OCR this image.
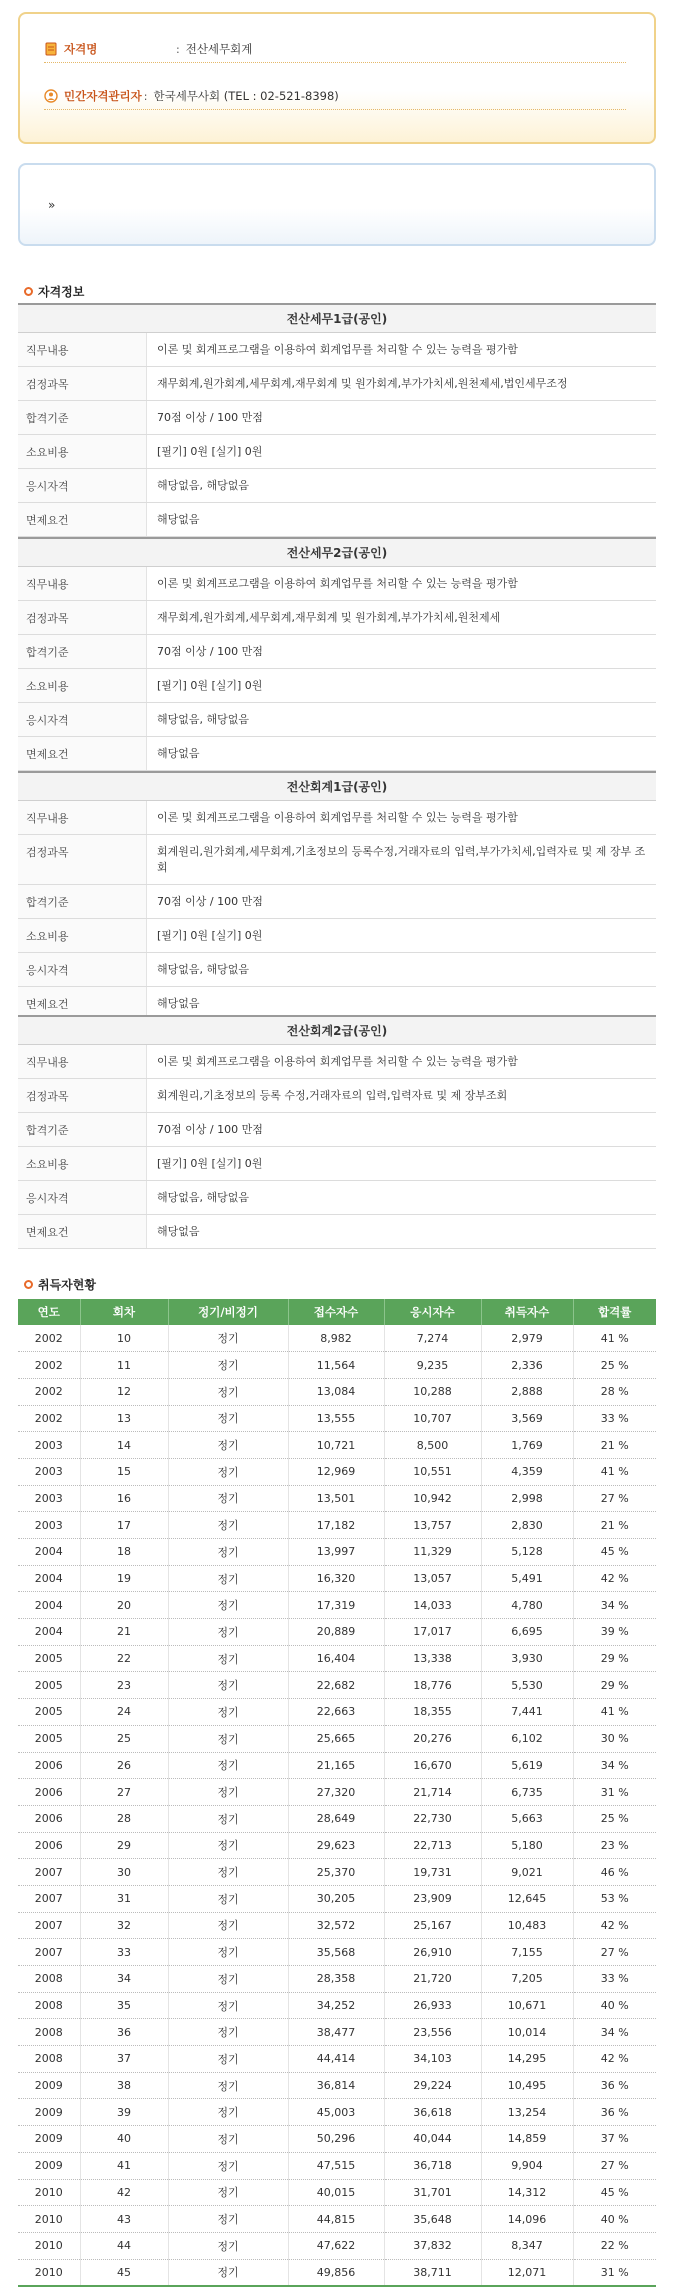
자격명	: 전산세무회계
민간자격관리자 : 한국세무사회 (TEL : 02-521-8398)
»
자격정보
전산세무1급(공인)
직무내용	이론 및 회계프로그램을 이용하여 회계업무를 처리할 수 있는 능력을 평가함
검정과목	재무회계,원가회계,세무회계,재무회계 및 원가회계,부가가치세,원천제세,법인세무조정
합격기준	70점 이상 / 100 만점
소요비용	[필기] 0원 [실기] 0원
응시자격	해당없음, 해당없음
면제요건	해당없음
전산세무2급(공인)
직무내용	이론 및 회계프로그램을 이용하여 회계업무를 처리할 수 있는 능력을 평가함
검정과목	재무회계,원가회계,세무회계,재무회계 및 원가회계,부가가치세,원천제세
합격기준	70점 이상 / 100 만점
소요비용	[필기] 0원 [실기] 0원
응시자격	해당없음, 해당없음
면제요건	해당없음
전산회계1급(공인)
직무내용	이론 및 회계프로그램을 이용하여 회계업무를 처리할 수 있는 능력을 평가함
검정과목	회계원리,원가회계,세무회계,기초정보의 등록수정,거래자료의 입력,부가가치세,입력자료 및 제 장부 조회
합격기준	70점 이상 / 100 만점
소요비용	[필기] 0원 [실기] 0원
응시자격	해당없음, 해당없음
면제요건	해당없음
전산회계2급(공인)
직무내용	이론 및 회계프로그램을 이용하여 회계업무를 처리할 수 있는 능력을 평가함
검정과목	회계원리,기초정보의 등록 수정,거래자료의 입력,입력자료 및 제 장부조회
합격기준	70점 이상 / 100 만점
소요비용	[필기] 0원 [실기] 0원
응시자격	해당없음, 해당없음
면제요건	해당없음
취득자현황
연도	회차	정기/비정기	접수자수	응시자수	취득자수	합격률
2002	10	정기	8,982	7,274	2,979	41 %
2002	11	정기	11,564	9,235	2,336	25 %
2002	12	정기	13,084	10,288	2,888	28 %
2002	13	정기	13,555	10,707	3,569	33 %
2003	14	정기	10,721	8,500	1,769	21 %
2003	15	정기	12,969	10,551	4,359	41 %
2003	16	정기	13,501	10,942	2,998	27 %
2003	17	정기	17,182	13,757	2,830	21 %
2004	18	정기	13,997	11,329	5,128	45 %
2004	19	정기	16,320	13,057	5,491	42 %
2004	20	정기	17,319	14,033	4,780	34 %
2004	21	정기	20,889	17,017	6,695	39 %
2005	22	정기	16,404	13,338	3,930	29 %
2005	23	정기	22,682	18,776	5,530	29 %
2005	24	정기	22,663	18,355	7,441	41 %
2005	25	정기	25,665	20,276	6,102	30 %
2006	26	정기	21,165	16,670	5,619	34 %
2006	27	정기	27,320	21,714	6,735	31 %
2006	28	정기	28,649	22,730	5,663	25 %
2006	29	정기	29,623	22,713	5,180	23 %
2007	30	정기	25,370	19,731	9,021	46 %
2007	31	정기	30,205	23,909	12,645	53 %
2007	32	정기	32,572	25,167	10,483	42 %
2007	33	정기	35,568	26,910	7,155	27 %
2008	34	정기	28,358	21,720	7,205	33 %
2008	35	정기	34,252	26,933	10,671	40 %
2008	36	정기	38,477	23,556	10,014	34 %
2008	37	정기	44,414	34,103	14,295	42 %
2009	38	정기	36,814	29,224	10,495	36 %
2009	39	정기	45,003	36,618	13,254	36 %
2009	40	정기	50,296	40,044	14,859	37 %
2009	41	정기	47,515	36,718	9,904	27 %
2010	42	정기	40,015	31,701	14,312	45 %
2010	43	정기	44,815	35,648	14,096	40 %
2010	44	정기	47,622	37,832	8,347	22 %
2010	45	정기	49,856	38,711	12,071	31 %
